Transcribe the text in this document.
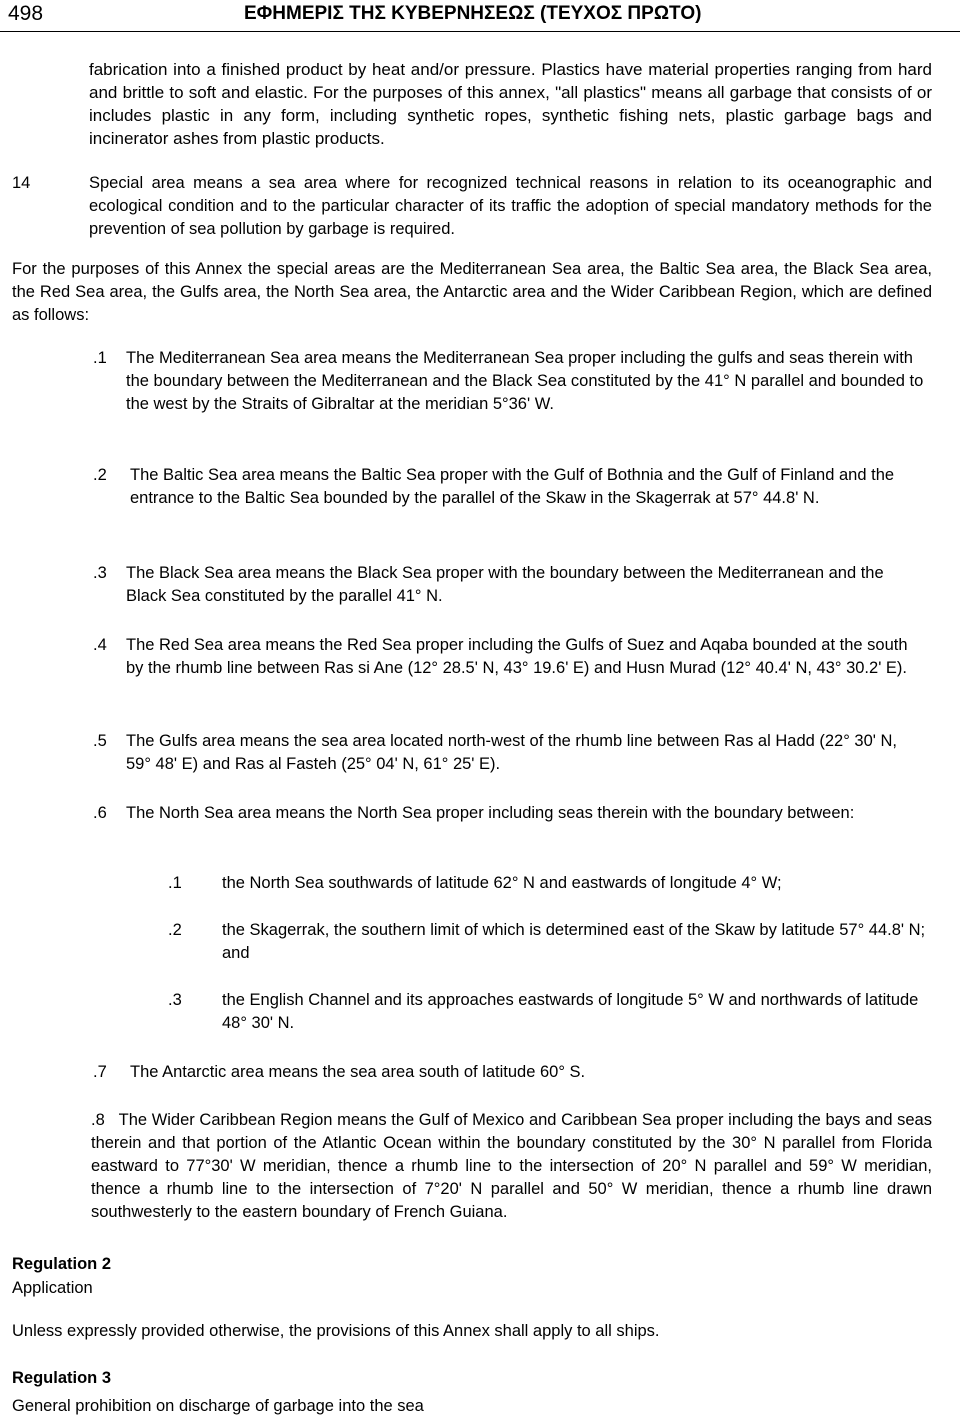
498	ΕΦΗΜΕΡΙΣ ΤΗΣ ΚΥΒΕΡΝΗΣΕΩΣ (ΤΕΥΧΟΣ ΠΡΩΤΟ)

fabrication into a finished product by heat and/or pressure. Plastics have material properties ranging from hard and brittle to soft and elastic. For the purposes of this annex, "all plastics" means all garbage that consists of or includes plastic in any form, including synthetic ropes, synthetic fishing nets, plastic garbage bags and incinerator ashes from plastic products.

14	Special area means a sea area where for recognized technical reasons in relation to its oceanographic and ecological condition and to the particular character of its traffic the adoption of special mandatory methods for the prevention of sea pollution by garbage is required.

For the purposes of this Annex the special areas are the Mediterranean Sea area, the Baltic Sea area, the Black Sea area, the Red Sea area, the Gulfs area, the North Sea area, the Antarctic area and the Wider Caribbean Region, which are defined as follows:

.1 The Mediterranean Sea area means the Mediterranean Sea proper including the gulfs and seas therein with the boundary between the Mediterranean and the Black Sea constituted by the 41° N parallel and bounded to the west by the Straits of Gibraltar at the meridian 5°36' W.

.2 The Baltic Sea area means the Baltic Sea proper with the Gulf of Bothnia and the Gulf of Finland and the entrance to the Baltic Sea bounded by the parallel of the Skaw in the Skagerrak at 57° 44.8' N.

.3 The Black Sea area means the Black Sea proper with the boundary between the Mediterranean and the Black Sea constituted by the parallel 41° N.

.4 The Red Sea area means the Red Sea proper including the Gulfs of Suez and Aqaba bounded at the south by the rhumb line between Ras si Ane (12° 28.5' N, 43° 19.6' E) and Husn Murad (12° 40.4' N, 43° 30.2' E).

.5 The Gulfs area means the sea area located north-west of the rhumb line between Ras al Hadd (22° 30' N, 59° 48' E) and Ras al Fasteh (25° 04' N, 61° 25' E).

.6 The North Sea area means the North Sea proper including seas therein with the boundary between:

.1 the North Sea southwards of latitude 62° N and eastwards of longitude 4° W;

.2 the Skagerrak, the southern limit of which is determined east of the Skaw by latitude 57° 44.8' N; and

.3 the English Channel and its approaches eastwards of longitude 5° W and northwards of latitude 48° 30' N.

.7 The Antarctic area means the sea area south of latitude 60° S.

.8 The Wider Caribbean Region means the Gulf of Mexico and Caribbean Sea proper including the bays and seas therein and that portion of the Atlantic Ocean within the boundary constituted by the 30° N parallel from Florida eastward to 77°30' W meridian, thence a rhumb line to the intersection of 20° N parallel and 59° W meridian, thence a rhumb line to the intersection of 7°20' N parallel and 50° W meridian, thence a rhumb line drawn southwesterly to the eastern boundary of French Guiana.

Regulation 2

Application

Unless expressly provided otherwise, the provisions of this Annex shall apply to all ships.

Regulation 3

General prohibition on discharge of garbage into the sea
